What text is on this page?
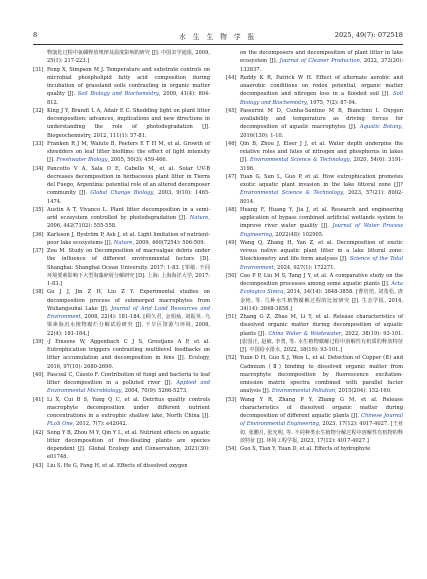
8	水 生 生 物 学 报	2025, 49(7): 072518
物演化过程中氮磷释放规律及温度影响的研究 [J]. 中国农学通报, 2009, 25(1): 217-223.]
[31] Feng X, Simpson M J. Temperature and substrate controls on microbial phospholipid fatty acid composition during incubation of grassland soils contrasting in organic matter quality [J]. Soil Biology and Biochemistry, 2009, 41(4): 804-812.
[32] King J Y, Brandt L A, Adair E C. Shedding light on plant litter decomposition: advances, implications and new directions in understanding the role of photodegradation [J]. Biogeochemistry, 2012, 111(1): 57-81.
[33] Franken R J M, Waluto B, Peeters E T H M, et al. Growth of shredders on leaf litter biofilms: the effect of light intensity [J]. Freshwater Biology, 2005, 50(3): 459-466.
[34] Pancotto V A, Sala O E, Cabello M, et al. Solar UV-B decreases decomposition in herbaceous plant litter in Tierra del Fuego, Argentina: potential role of an altered decomposer community [J]. Global Change Biology, 2003, 9(10): 1465-1474.
[35] Austin A T, Vivanco L. Plant litter decomposition in a semi-arid ecosystem controlled by photodegradation [J]. Nature, 2006, 442(7102): 555-558.
[36] Karlsson J, Byström P, Ask J, et al. Light limitation of nutrient-poor lake ecosystems [J]. Nature, 2009, 460(7254): 506-509.
[37] Zou M. Study on Decomposition of macroalgae debris under the influence of different environmental factors [D]. Shanghai: Shanghai Ocean University. 2017: 1-83. [邹敏. 不同环境要素影响下大型海藻碎屑分解研究 [D]. 上海: 上海海洋大学, 2017: 1-83.]
[38] Gu J J, Jin Z H, Liu Z Y. Experimental studies on decomposition process of submerged macrophytes from Wuliangsuhai Lake [J]. Journal of Arid Land Resources and Environment, 2008, 22(4): 181-184. [顾久君, 金相灿, 刘振英. 乌梁素海沉水植物腐烂分解试验研究 [J]. 干旱区资源与环境, 2008, 22(4): 181-184.]
[39] -J Emsens W, Aggenbach C J S, Grootjans A P, et al. Eutrophication triggers contrasting multilevel feedbacks on litter accumulation and decomposition in fens [J]. Ecology, 2016, 97(10): 2680-2690.
[40] Pascoal C, Cássio F. Contribution of fungi and bacteria to leaf litter decomposition in a polluted river [J]. Applied and Environmental Microbiology, 2004, 70(9): 5266-5273.
[41] Li X, Cui B S, Yang Q C, et al. Detritus quality controls macrophyte decomposition under different nutrient concentrations in a eutrophic shallow lake, North China [J]. PLoS One, 2012, 7(7): e42042.
[42] Song Y B, Zhou M Y, Qin Y L, et al. Nutrient effects on aquatic litter decomposition of free-floating plants are species dependent [J]. Global Ecology and Conservation, 2021(30): e01748.
[43] Liu S, He G, Fang H, et al. Effects of dissolved oxygen
on the decomposers and decomposition of plant litter in lake ecosystem [J]. Journal of Cleaner Production, 2022, 372(20): 133837.
[44] Reddy K R, Patrick W H. Effect of alternate aerobic and anaerobic conditions on redox potential, organic matter decomposition and nitrogen loss in a flooded soil [J]. Soil Biology and Biochemistry, 1975, 7(2): 87-94.
[45] Passerini M D, Cunha-Santino M B, Bianchini I. Oxygen availability and temperature as driving forces for decomposition of aquatic macrophytes [J]. Aquatic Botany, 2016(130): 1-10.
[46] Qin B, Zhou J, Elser J J, et al. Water depth underpins the relative roles and fates of nitrogen and phosphorus in lakes [J]. Environmental Science & Technology, 2020, 54(6): 3191-3198.
[47] Yuan G, Sun L, Guo P, et al. How eutrophication promotes exotic aquatic plant invasion in the lake littoral zone [J]? Environmental Science & Technology, 2023, 57(21): 8002-8014.
[48] Huang F, Huang Y, Jia J, et al. Research and engineering application of bypass combined artificial wetlands system to improve river water quality [J]. Journal of Water Process Engineering, 2022(48): 102905.
[49] Wang Q, Zhang H, Yan Z, et al. Decomposition of exotic versus native aquatic plant litter in a lake littoral zone: Stoichiometry and life form analyses [J]. Science of the Total Environment, 2024, 927(1): 172271.
[50] Cao P P, Liu M S, Tang J Y, et al. A comparative study on the decomposition processes among some aquatic plants [J]. Acta Ecologica Sinica, 2014, 34(14): 3848-3858. [曹培培, 刘茂松, 唐金艳, 等. 几种水生植物腐解过程的比较研究 [J]. 生态学报, 2014, 34(14): 3848-3858.]
[51] Zhang G Z, Zhao M, Li Y, et al. Release characteristics of dissolved organic matter during decomposition of aquatic plants [J]. China Water & Wastewater, 2022, 38(19): 93-101. [张国正, 赵敏, 李勇, 等. 水生植物腐解过程中溶解性有机质的释放特征 [J]. 中国给水排水, 2022, 38(19): 93-101.]
[52] Yuan D H, Guo X J, Wen L, et al. Detection of Copper (Ⅱ) and Cadmium (Ⅱ) binding to dissolved organic matter from macrophyte decomposition by fluorescence excitation-emission matrix spectra combined with parallel factor analysis [J]. Environmental Pollution, 2015(204): 152-160.
[53] Wang Y R, Zhang P Y, Zhang G M, et al. Release characteristics of dissolved organic matter during decomposition of different aquatic plants [J]. Chinese Journal of Environmental Engineering, 2023, 17(12): 4017-4027. [王亚如, 张鹏月, 张光明, 等. 不同种类水生植物分解过程中溶解性有机物的释放特征 [J]. 环境工程学报, 2023, 17(12): 4017-4027.]
[54] Guo X, Tian Y, Yuan D, et al. Effects of hydrophyte
